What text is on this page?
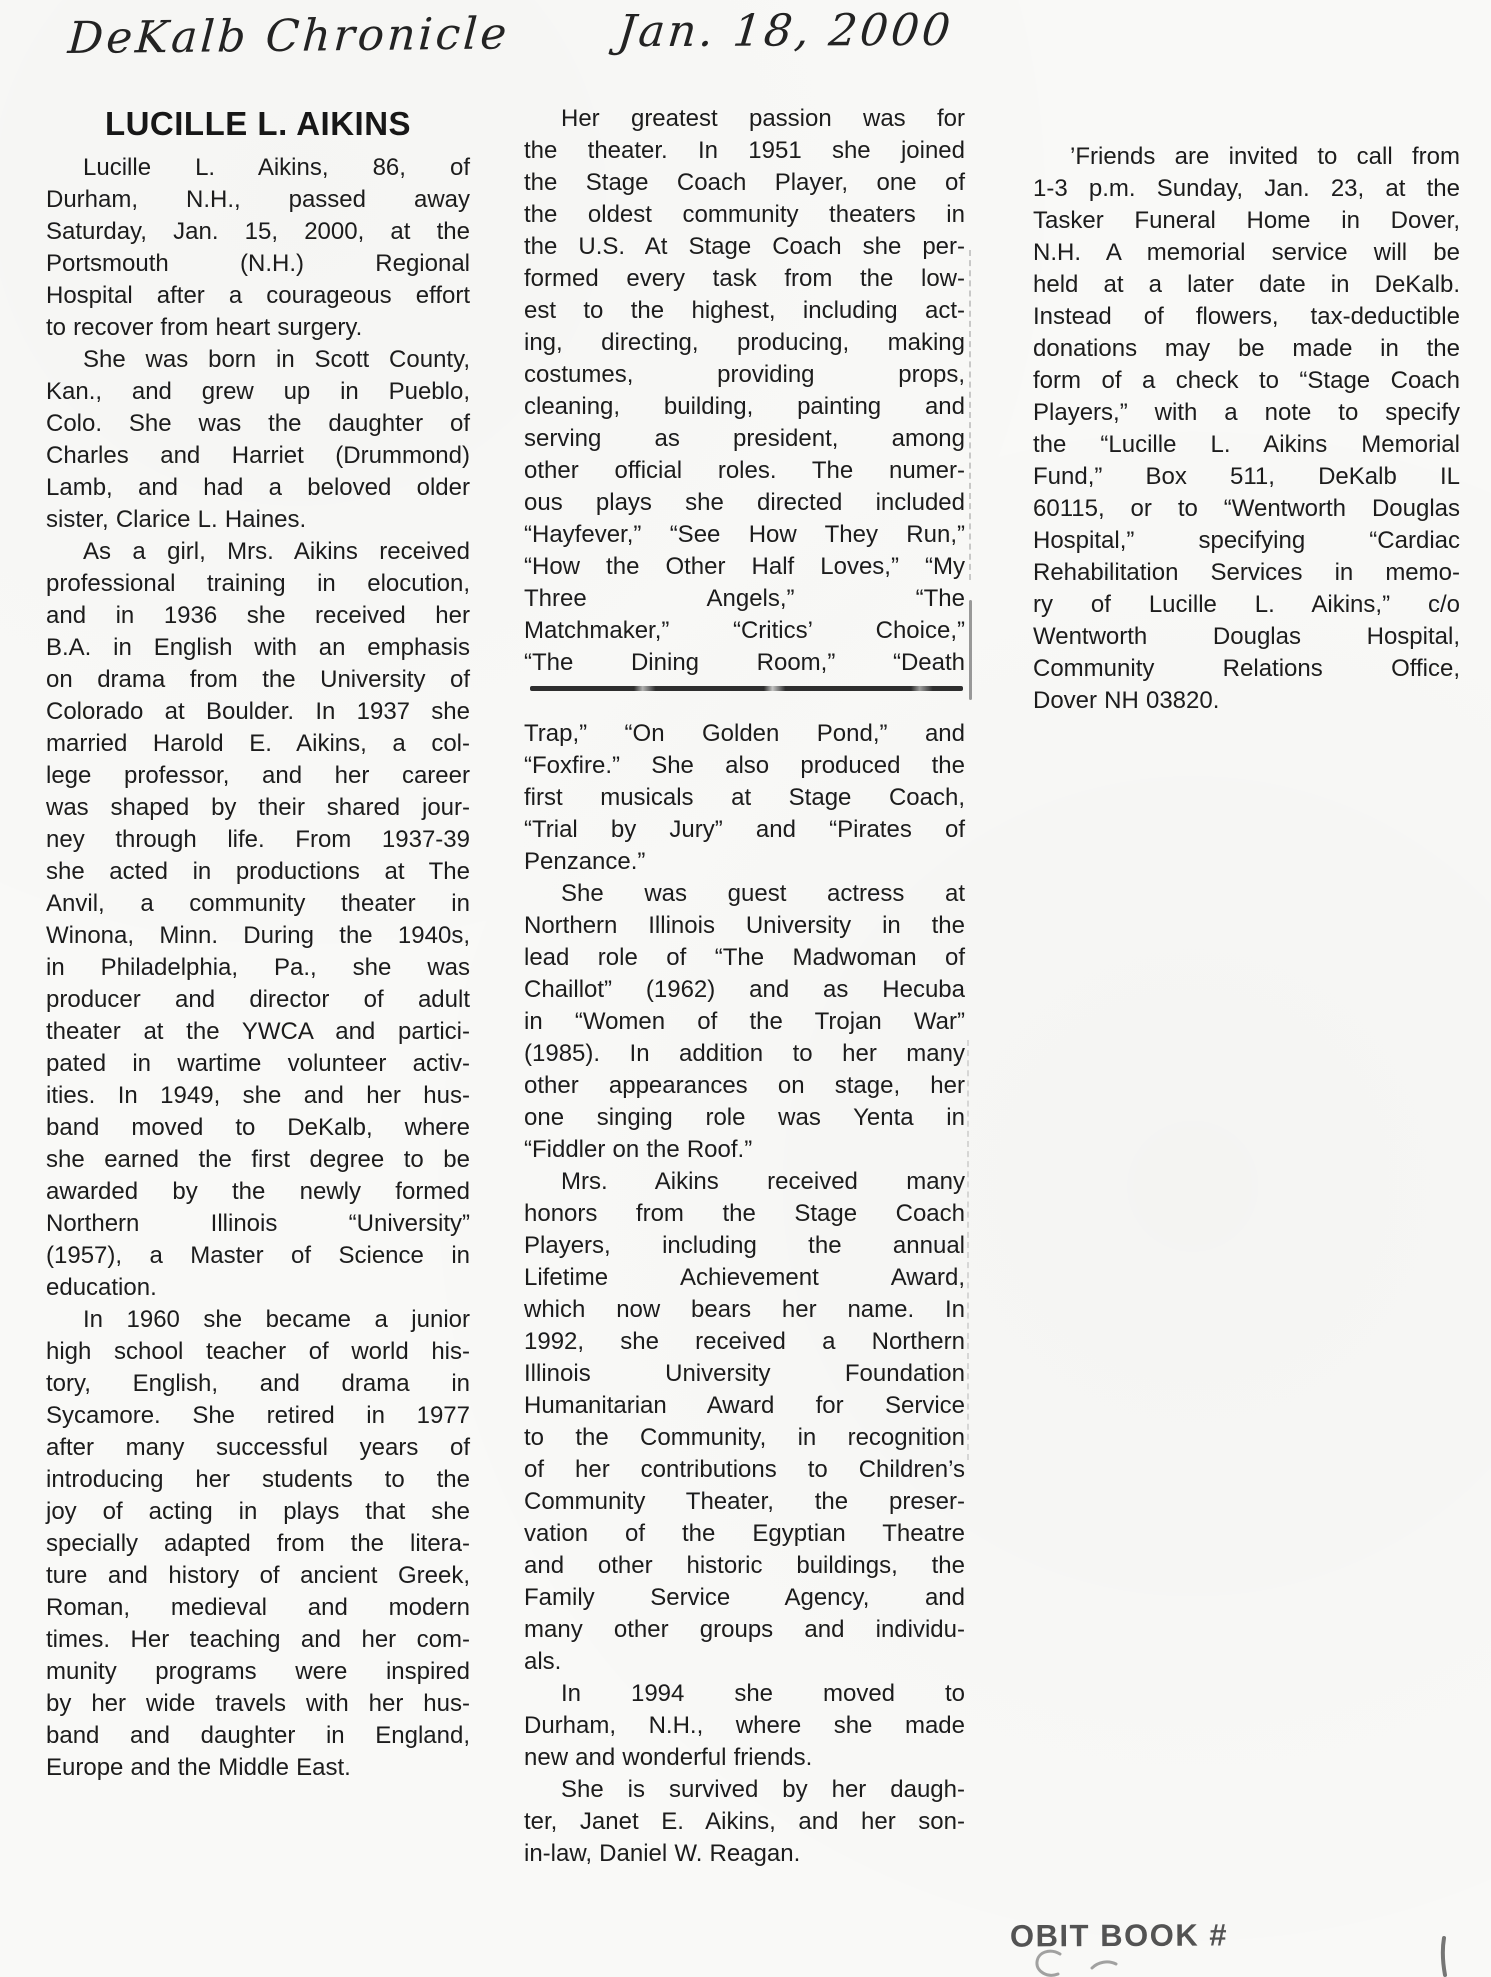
DeKalb Chronicle Jan. 18, 2000
LUCILLE L. AIKINS
Lucille L. Aikins, 86, of
Durham, N.H., passed away
Saturday, Jan. 15, 2000, at the
Portsmouth (N.H.) Regional
Hospital after a courageous effort
to recover from heart surgery.
She was born in Scott County,
Kan., and grew up in Pueblo,
Colo. She was the daughter of
Charles and Harriet (Drummond)
Lamb, and had a beloved older
sister, Clarice L. Haines.
As a girl, Mrs. Aikins received
professional training in elocution,
and in 1936 she received her
B.A. in English with an emphasis
on drama from the University of
Colorado at Boulder. In 1937 she
married Harold E. Aikins, a col-
lege professor, and her career
was shaped by their shared jour-
ney through life. From 1937-39
she acted in productions at The
Anvil, a community theater in
Winona, Minn. During the 1940s,
in Philadelphia, Pa., she was
producer and director of adult
theater at the YWCA and partici-
pated in wartime volunteer activ-
ities. In 1949, she and her hus-
band moved to DeKalb, where
she earned the first degree to be
awarded by the newly formed
Northern Illinois “University”
(1957), a Master of Science in
education.
In 1960 she became a junior
high school teacher of world his-
tory, English, and drama in
Sycamore. She retired in 1977
after many successful years of
introducing her students to the
joy of acting in plays that she
specially adapted from the litera-
ture and history of ancient Greek,
Roman, medieval and modern
times. Her teaching and her com-
munity programs were inspired
by her wide travels with her hus-
band and daughter in England,
Europe and the Middle East.
Her greatest passion was for
the theater. In 1951 she joined
the Stage Coach Player, one of
the oldest community theaters in
the U.S. At Stage Coach she per-
formed every task from the low-
est to the highest, including act-
ing, directing, producing, making
costumes, providing props,
cleaning, building, painting and
serving as president, among
other official roles. The numer-
ous plays she directed included
“Hayfever,” “See How They Run,”
“How the Other Half Loves,” “My
Three Angels,” “The
Matchmaker,” “Critics’ Choice,”
“The Dining Room,” “Death
Trap,” “On Golden Pond,” and
“Foxfire.” She also produced the
first musicals at Stage Coach,
“Trial by Jury” and “Pirates of
Penzance.”
She was guest actress at
Northern Illinois University in the
lead role of “The Madwoman of
Chaillot” (1962) and as Hecuba
in “Women of the Trojan War”
(1985). In addition to her many
other appearances on stage, her
one singing role was Yenta in
“Fiddler on the Roof.”
Mrs. Aikins received many
honors from the Stage Coach
Players, including the annual
Lifetime Achievement Award,
which now bears her name. In
1992, she received a Northern
Illinois University Foundation
Humanitarian Award for Service
to the Community, in recognition
of her contributions to Children’s
Community Theater, the preser-
vation of the Egyptian Theatre
and other historic buildings, the
Family Service Agency, and
many other groups and individu-
als.
In 1994 she moved to
Durham, N.H., where she made
new and wonderful friends.
She is survived by her daugh-
ter, Janet E. Aikins, and her son-
in-law, Daniel W. Reagan.
’Friends are invited to call from
1-3 p.m. Sunday, Jan. 23, at the
Tasker Funeral Home in Dover,
N.H. A memorial service will be
held at a later date in DeKalb.
Instead of flowers, tax-deductible
donations may be made in the
form of a check to “Stage Coach
Players,” with a note to specify
the “Lucille L. Aikins Memorial
Fund,” Box 511, DeKalb IL
60115, or to “Wentworth Douglas
Hospital,” specifying “Cardiac
Rehabilitation Services in memo-
ry of Lucille L. Aikins,” c/o
Wentworth Douglas Hospital,
Community Relations Office,
Dover NH 03820.
OBIT BOOK #
